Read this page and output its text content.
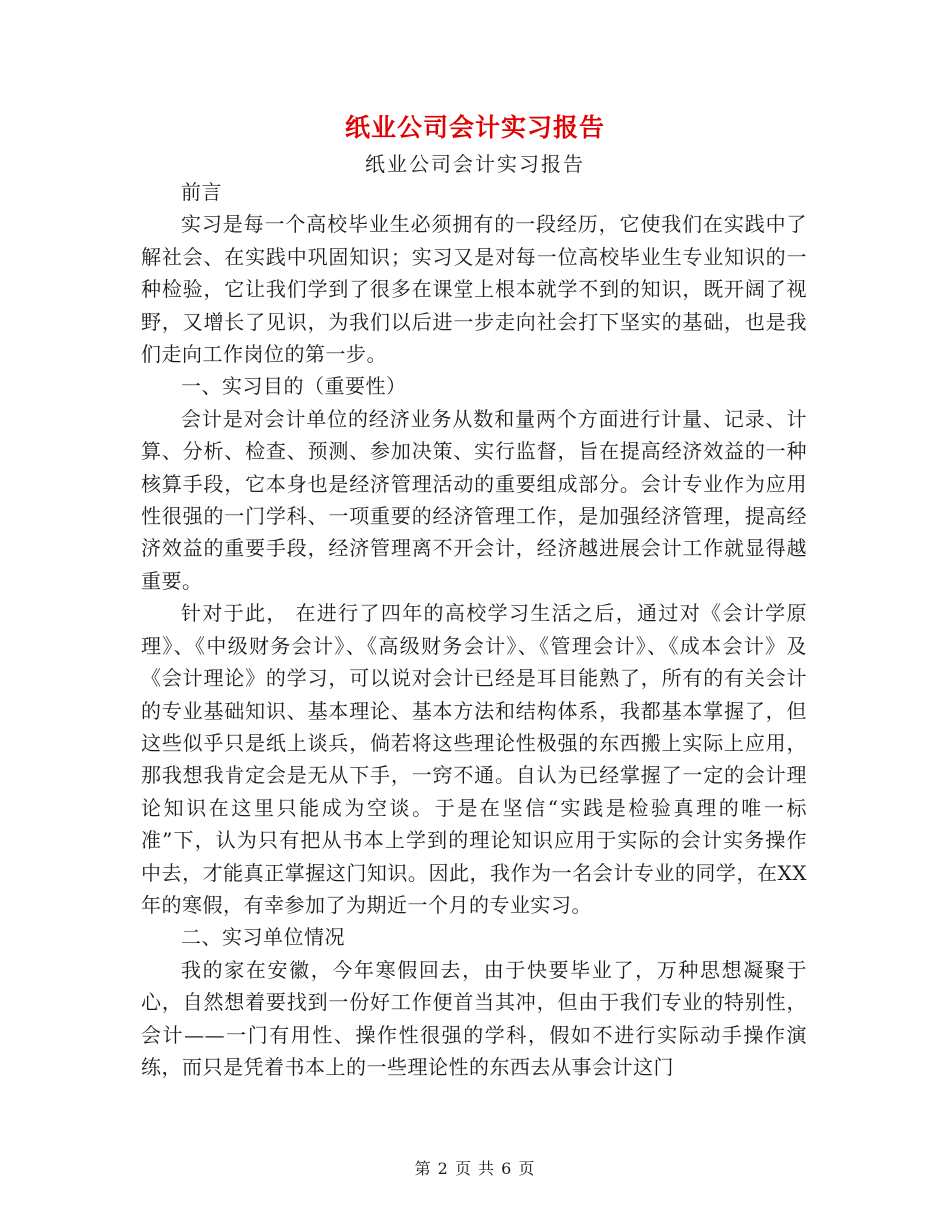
纸业公司会计实习报告
纸业公司会计实习报告

前言

实习是每一个高校毕业生必须拥有的一段经历，它使我们在实践中了解社会、在实践中巩固知识；实习又是对每一位高校毕业生专业知识的一种检验，它让我们学到了很多在课堂上根本就学不到的知识，既开阔了视野，又增长了见识，为我们以后进一步走向社会打下坚实的基础，也是我们走向工作岗位的第一步。

一、实习目的（重要性）

会计是对会计单位的经济业务从数和量两个方面进行计量、记录、计算、分析、检查、预测、参加决策、实行监督，旨在提高经济效益的一种核算手段，它本身也是经济管理活动的重要组成部分。会计专业作为应用性很强的一门学科、一项重要的经济管理工作，是加强经济管理，提高经济效益的重要手段，经济管理离不开会计，经济越进展会计工作就显得越重要。

针对于此， 在进行了四年的高校学习生活之后，通过对《会计学原理》、《中级财务会计》、《高级财务会计》、《管理会计》、《成本会计》及《会计理论》的学习，可以说对会计已经是耳目能熟了，所有的有关会计的专业基础知识、基本理论、基本方法和结构体系，我都基本掌握了，但这些似乎只是纸上谈兵，倘若将这些理论性极强的东西搬上实际上应用，那我想我肯定会是无从下手，一窍不通。自认为已经掌握了一定的会计理论知识在这里只能成为空谈。于是在坚信“实践是检验真理的唯一标准”下，认为只有把从书本上学到的理论知识应用于实际的会计实务操作中去，才能真正掌握这门知识。因此，我作为一名会计专业的同学，在XX年的寒假，有幸参加了为期近一个月的专业实习。

二、实习单位情况

我的家在安徽，今年寒假回去，由于快要毕业了，万种思想凝聚于心，自然想着要找到一份好工作便首当其冲，但由于我们专业的特别性，会计——一门有用性、操作性很强的学科，假如不进行实际动手操作演练，而只是凭着书本上的一些理论性的东西去从事会计这门

第 2 页 共 6 页
